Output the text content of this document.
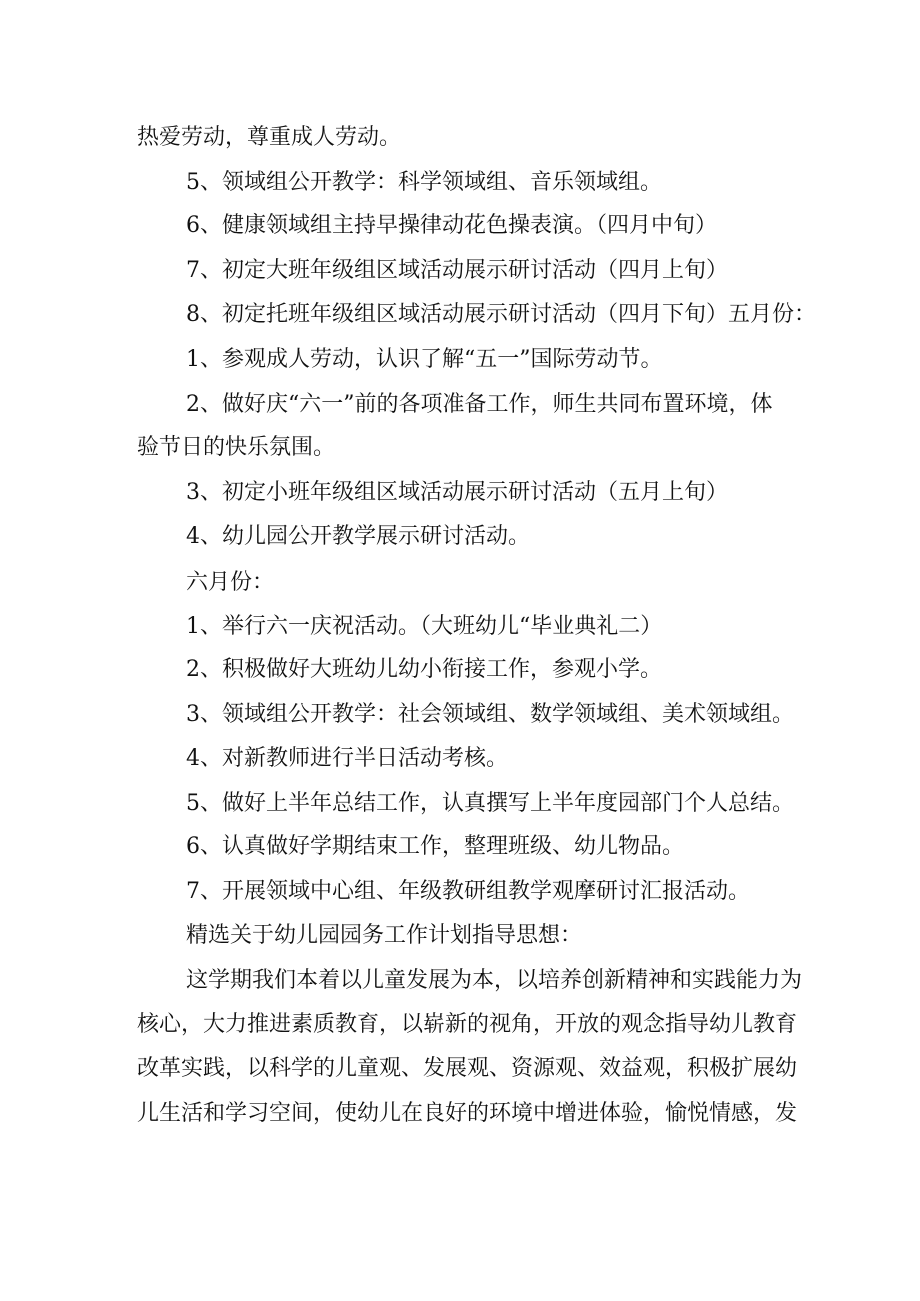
热爱劳动，尊重成人劳动。
5、领域组公开教学：科学领域组、音乐领域组。
6、健康领域组主持早操律动花色操表演。（四月中旬）
7、初定大班年级组区域活动展示研讨活动（四月上旬）
8、初定托班年级组区域活动展示研讨活动（四月下旬）五月份：
1、参观成人劳动，认识了解“五一”国际劳动节。
2、做好庆“六一”前的各项准备工作，师生共同布置环境，体
验节日的快乐氛围。
3、初定小班年级组区域活动展示研讨活动（五月上旬）
4、幼儿园公开教学展示研讨活动。
六月份：
1、举行六一庆祝活动。（大班幼儿“毕业典礼二）
2、积极做好大班幼儿幼小衔接工作，参观小学。
3、领域组公开教学：社会领域组、数学领域组、美术领域组。
4、对新教师进行半日活动考核。
5、做好上半年总结工作，认真撰写上半年度园部门个人总结。
6、认真做好学期结束工作，整理班级、幼儿物品。
7、开展领域中心组、年级教研组教学观摩研讨汇报活动。
精选关于幼儿园园务工作计划指导思想：
这学期我们本着以儿童发展为本，以培养创新精神和实践能力为
核心，大力推进素质教育，以崭新的视角，开放的观念指导幼儿教育
改革实践，以科学的儿童观、发展观、资源观、效益观，积极扩展幼
儿生活和学习空间，使幼儿在良好的环境中增进体验，愉悦情感，发
